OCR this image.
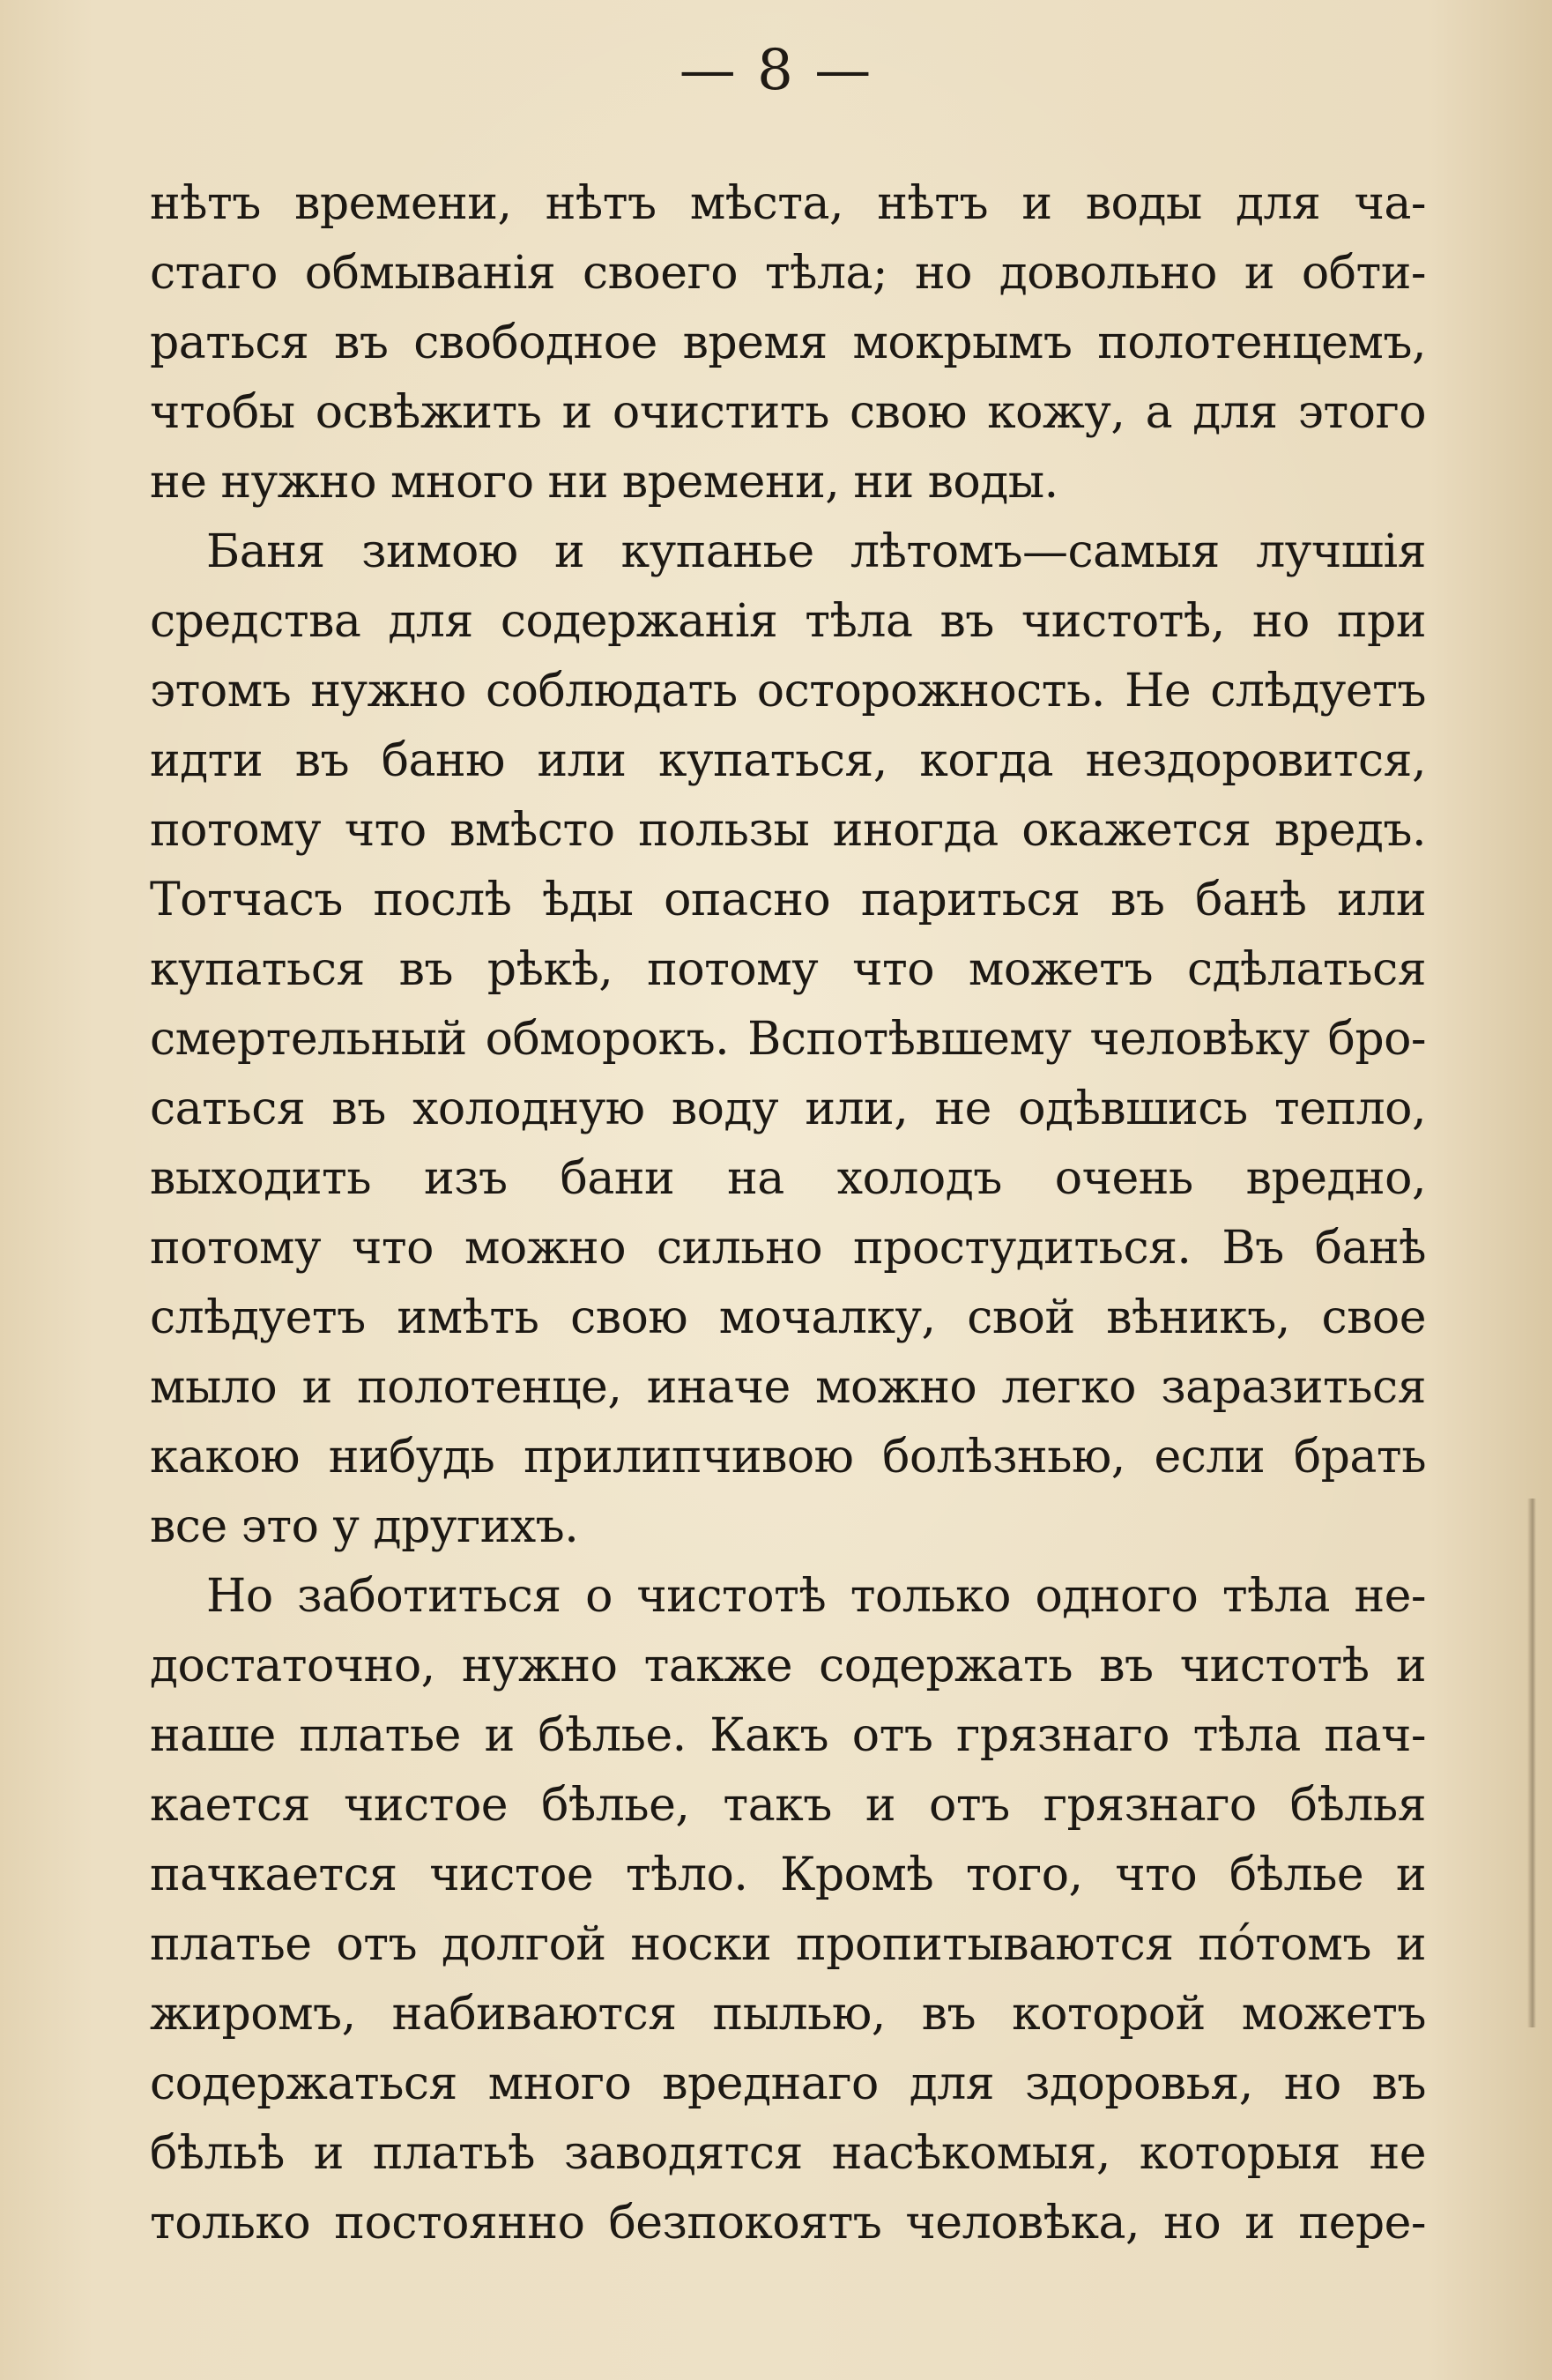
— 8 —
нѣтъ времени, нѣтъ мѣста, нѣтъ и воды для ча-
стаго обмыванія своего тѣла; но довольно и обти-
раться въ свободное время мокрымъ полотенцемъ,
чтобы освѣжить и очистить свою кожу, а для этого
не нужно много ни времени, ни воды.
Баня зимою и купанье лѣтомъ—самыя лучшія
средства для содержанія тѣла въ чистотѣ, но при
этомъ нужно соблюдать осторожность. Не слѣдуетъ
идти въ баню или купаться, когда нездоровится,
потому что вмѣсто пользы иногда окажется вредъ.
Тотчасъ послѣ ѣды опасно париться въ банѣ или
купаться въ рѣкѣ, потому что можетъ сдѣлаться
смертельный обморокъ. Вспотѣвшему человѣку бро-
саться въ холодную воду или, не одѣвшись тепло,
выходить изъ бани на холодъ очень вредно,
потому что можно сильно простудиться. Въ банѣ
слѣдуетъ имѣть свою мочалку, свой вѣникъ, свое
мыло и полотенце, иначе можно легко заразиться
какою нибудь прилипчивою болѣзнью, если брать
все это у другихъ.
Но заботиться о чистотѣ только одного тѣла не-
достаточно, нужно также содержать въ чистотѣ и
наше платье и бѣлье. Какъ отъ грязнаго тѣла пач-
кается чистое бѣлье, такъ и отъ грязнаго бѣлья
пачкается чистое тѣло. Кромѣ того, что бѣлье и
платье отъ долгой носки пропитываются пóтомъ и
жиромъ, набиваются пылью, въ которой можетъ
содержаться много вреднаго для здоровья, но въ
бѣльѣ и платьѣ заводятся насѣкомыя, которыя не
только постоянно безпокоятъ человѣка, но и пере-
